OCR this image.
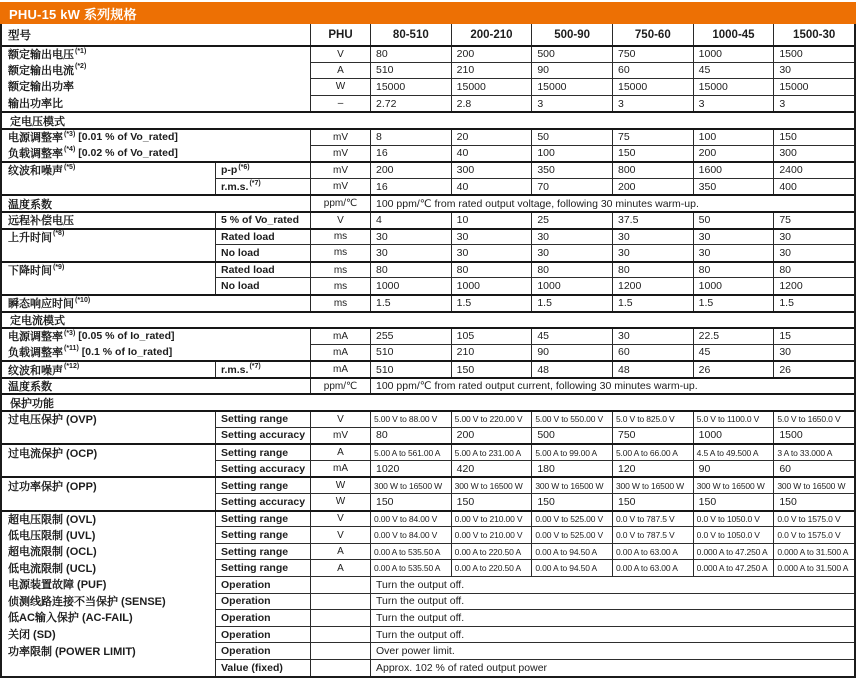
PHU-15 kW 系列规格
型号	PHU	80-510	200-210	500-90	750-60	1000-45	1500-30
额定输出电压$^{(*1)}$	V	80	200	500	750	1000	1500
额定输出电流$^{(*2)}$	A	510	210	90	60	45	30
额定输出功率	W	15000	15000	15000	15000	15000	15000
输出功率比	–	2.72	2.8	3	3	3	3
定电压模式
电源调整率$^{(*3)}$ [0.01 % of Vo_rated]	mV	8	20	50	75	100	150
负载调整率$^{(*4)}$ [0.02 % of Vo_rated]	mV	16	40	100	150	200	300
纹波和噪声$^{(*5)}$	p-p$^{(*6)}$	mV	200	300	350	800	1600	2400
r.m.s.$^{(*7)}$	mV	16	40	70	200	350	400
温度系数	ppm/℃	100 ppm/℃ from rated output voltage, following 30 minutes warm-up.
远程补偿电压	5 % of Vo_rated	V	4	10	25	37.5	50	75
上升时间$^{(*8)}$	Rated load	ms	30	30	30	30	30	30
No load	ms	30	30	30	30	30	30
下降时间$^{(*9)}$	Rated load	ms	80	80	80	80	80	80
No load	ms	1000	1000	1000	1200	1000	1200
瞬态响应时间$^{(*10)}$	ms	1.5	1.5	1.5	1.5	1.5	1.5
定电流模式
电源调整率$^{(*3)}$ [0.05 % of Io_rated]	mA	255	105	45	30	22.5	15
负载调整率$^{(*11)}$ [0.1 % of Io_rated]	mA	510	210	90	60	45	30
纹波和噪声$^{(*12)}$	r.m.s.$^{(*7)}$	mA	510	150	48	48	26	26
温度系数	ppm/℃	100 ppm/℃ from rated output current, following 30 minutes warm-up.
保护功能
过电压保护 (OVP)	Setting range	V	5.00 V to 88.00 V	5.00 V to 220.00 V	5.00 V to 550.00 V	5.0 V to 825.0 V	5.0 V to 1100.0 V	5.0 V to 1650.0 V
Setting accuracy	mV	80	200	500	750	1000	1500
过电流保护 (OCP)	Setting range	A	5.00 A to 561.00 A	5.00 A to 231.00 A	5.00 A to 99.00 A	5.00 A to 66.00 A	4.5 A to 49.500 A	3 A to 33.000 A
Setting accuracy	mA	1020	420	180	120	90	60
过功率保护 (OPP)	Setting range	W	300 W to 16500 W	300 W to 16500 W	300 W to 16500 W	300 W to 16500 W	300 W to 16500 W	300 W to 16500 W
Setting accuracy	W	150	150	150	150	150	150
超电压限制 (OVL)	Setting range	V	0.00 V to 84.00 V	0.00 V to 210.00 V	0.00 V to 525.00 V	0.0 V to 787.5 V	0.0 V to 1050.0 V	0.0 V to 1575.0 V
低电压限制 (UVL)	Setting range	V	0.00 V to 84.00 V	0.00 V to 210.00 V	0.00 V to 525.00 V	0.0 V to 787.5 V	0.0 V to 1050.0 V	0.0 V to 1575.0 V
超电流限制 (OCL)	Setting range	A	0.00 A to 535.50 A	0.00 A to 220.50 A	0.00 A to 94.50 A	0.00 A to 63.00 A	0.000 A to 47.250 A	0.000 A to 31.500 A
低电流限制 (UCL)	Setting range	A	0.00 A to 535.50 A	0.00 A to 220.50 A	0.00 A to 94.50 A	0.00 A to 63.00 A	0.000 A to 47.250 A	0.000 A to 31.500 A
电源装置故障 (PUF)	Operation	Turn the output off.
侦测线路连接不当保护 (SENSE)	Operation	Turn the output off.
低AC输入保护 (AC-FAIL)	Operation	Turn the output off.
关闭 (SD)	Operation	Turn the output off.
功率限制 (POWER LIMIT)	Operation	Over power limit.
Value (fixed)	Approx. 102 % of rated output power
